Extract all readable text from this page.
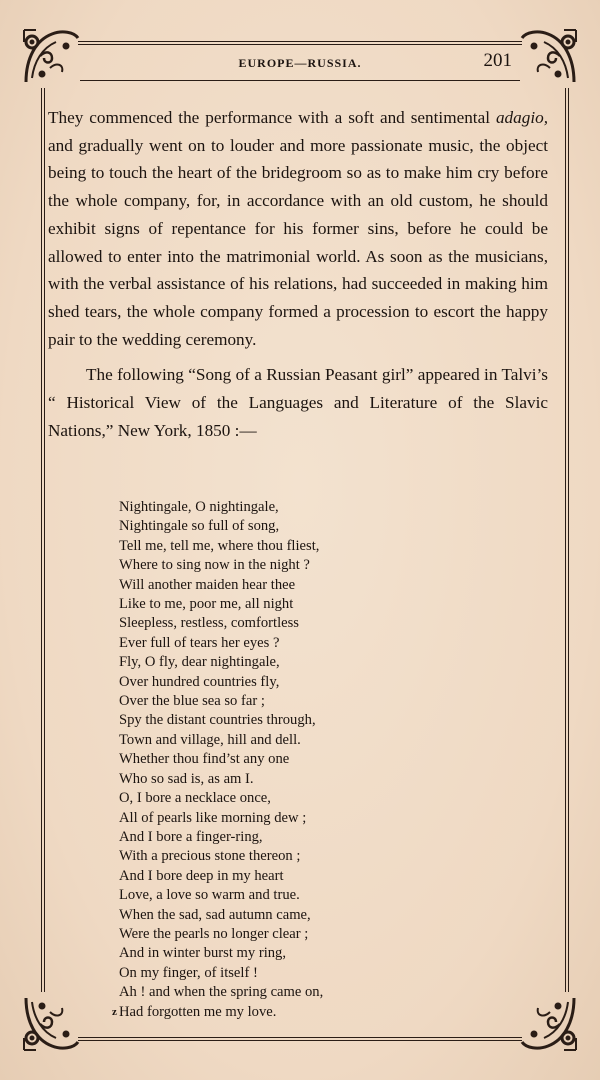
EUROPE—RUSSIA.	201

They commenced the performance with a soft and sentimental adagio, and gradually went on to louder and more passionate music, the object being to touch the heart of the bridegroom so as to make him cry before the whole company, for, in accordance with an old custom, he should exhibit signs of repentance for his former sins, before he could be allowed to enter into the matrimonial world. As soon as the musicians, with the verbal assistance of his relations, had succeeded in making him shed tears, the whole company formed a procession to escort the happy pair to the wedding ceremony.

The following “Song of a Russian Peasant girl” appeared in Talvi’s “ Historical View of the Languages and Literature of the Slavic Nations,” New York, 1850 :—

Nightingale, O nightingale,
Nightingale so full of song,
Tell me, tell me, where thou fliest,
Where to sing now in the night ?
Will another maiden hear thee
Like to me, poor me, all night
Sleepless, restless, comfortless
Ever full of tears her eyes ?
Fly, O fly, dear nightingale,
Over hundred countries fly,
Over the blue sea so far ;
Spy the distant countries through,
Town and village, hill and dell.
Whether thou find’st any one
Who so sad is, as am I.
O, I bore a necklace once,
All of pearls like morning dew ;
And I bore a finger-ring,
With a precious stone thereon ;
And I bore deep in my heart
Love, a love so warm and true.
When the sad, sad autumn came,
Were the pearls no longer clear ;
And in winter burst my ring,
On my finger, of itself !
Ah ! and when the spring came on,
Had forgotten me my love.
z
